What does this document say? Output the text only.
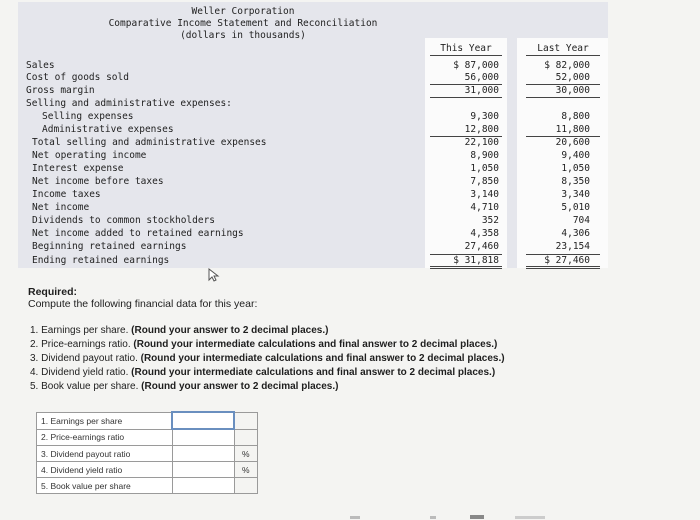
Weller Corporation
Comparative Income Statement and Reconciliation
(dollars in thousands)
This Year	Last Year
Sales	$ 87,000	$ 82,000
Cost of goods sold	56,000	52,000
Gross margin	31,000	30,000
Selling and administrative expenses:
Selling expenses	9,300	8,800
Administrative expenses	12,800	11,800
Total selling and administrative expenses	22,100	20,600
Net operating income	8,900	9,400
Interest expense	1,050	1,050
Net income before taxes	7,850	8,350
Income taxes	3,140	3,340
Net income	4,710	5,010
Dividends to common stockholders	352	704
Net income added to retained earnings	4,358	4,306
Beginning retained earnings	27,460	23,154
Ending retained earnings	$ 31,818	$ 27,460
Required:
Compute the following financial data for this year:
1. Earnings per share. (Round your answer to 2 decimal places.)
2. Price-earnings ratio. (Round your intermediate calculations and final answer to 2 decimal places.)
3. Dividend payout ratio. (Round your intermediate calculations and final answer to 2 decimal places.)
4. Dividend yield ratio. (Round your intermediate calculations and final answer to 2 decimal places.)
5. Book value per share. (Round your answer to 2 decimal places.)
1. Earnings per share		
2. Price-earnings ratio		
3. Dividend payout ratio		%
4. Dividend yield ratio		%
5. Book value per share		
